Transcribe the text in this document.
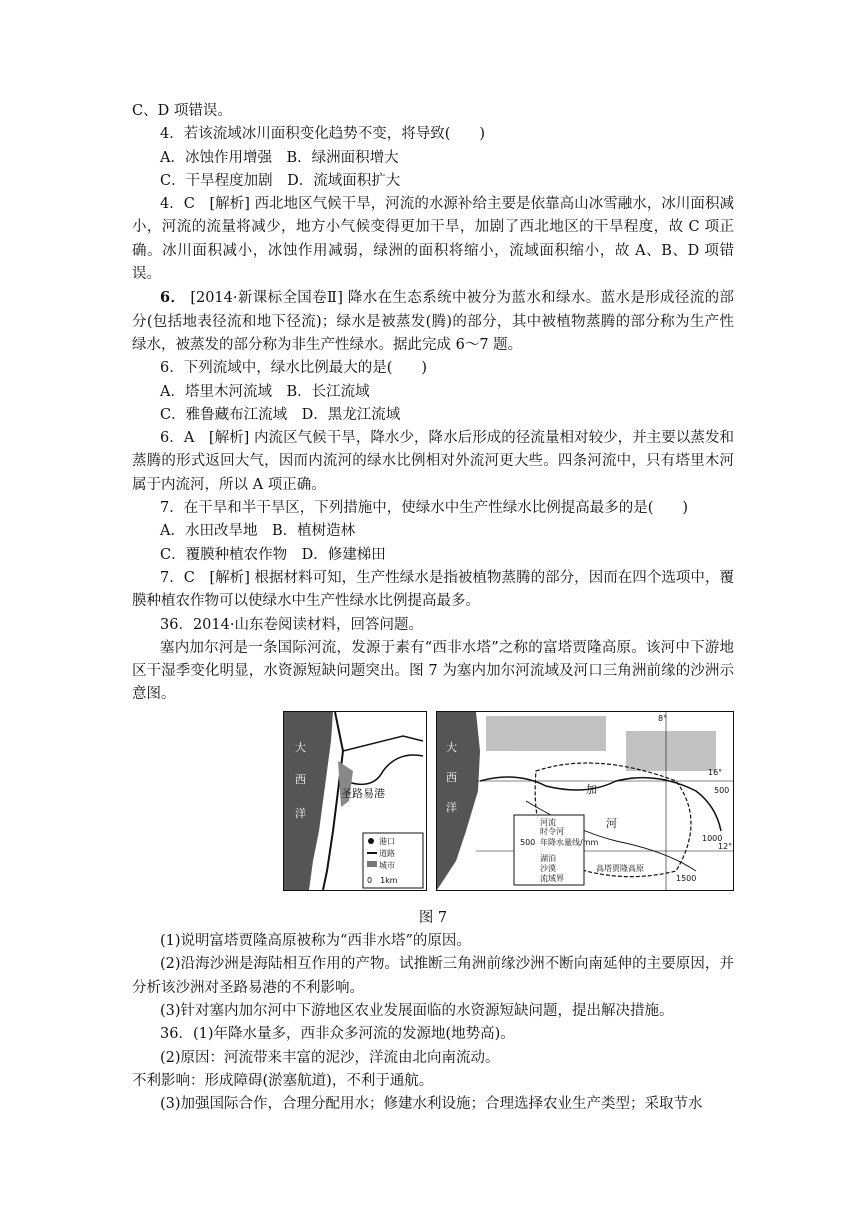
C、D 项错误。
4．若该流域冰川面积变化趋势不变，将导致(　　)
A．冰蚀作用增强　B．绿洲面积增大
C．干旱程度加剧　D．流域面积扩大
4．C　[解析] 西北地区气候干旱，河流的水源补给主要是依靠高山冰雪融水，冰川面积减小，河流的流量将减少，地方小气候变得更加干旱，加剧了西北地区的干旱程度，故 C 项正确。冰川面积减小，冰蚀作用减弱，绿洲的面积将缩小，流域面积缩小，故 A、B、D 项错误。
6． [2014·新课标全国卷Ⅱ] 降水在生态系统中被分为蓝水和绿水。蓝水是形成径流的部分(包括地表径流和地下径流)；绿水是被蒸发(腾)的部分，其中被植物蒸腾的部分称为生产性绿水，被蒸发的部分称为非生产性绿水。据此完成 6～7 题。
6．下列流域中，绿水比例最大的是(　　)
A．塔里木河流域　B．长江流域
C．雅鲁藏布江流域　D．黑龙江流域
6．A　[解析] 内流区气候干旱，降水少，降水后形成的径流量相对较少，并主要以蒸发和蒸腾的形式返回大气，因而内流河的绿水比例相对外流河更大些。四条河流中，只有塔里木河属于内流河，所以 A 项正确。
7．在干旱和半干旱区，下列措施中，使绿水中生产性绿水比例提高最多的是(　　)
A．水田改旱地　B．植树造林
C．覆膜种植农作物　D．修建梯田
7．C　[解析] 根据材料可知，生产性绿水是指被植物蒸腾的部分，因而在四个选项中，覆膜种植农作物可以使绿水中生产性绿水比例提高最多。
36．2014·山东卷阅读材料，回答问题。
塞内加尔河是一条国际河流，发源于素有“西非水塔”之称的富塔贾隆高原。该河中下游地区干湿季变化明显，水资源短缺问题突出。图 7 为塞内加尔河流域及河口三角洲前缘的沙洲示意图。
大
西
洋
圣路易港
港口
道路
城市
0　1km
大
西
洋
加
河
16°
12°
8°
500
1000
1500
高塔贾隆高原
河流
时令河
500 年降水量线/mm
湖泊
沙漠
流域界
图 7
(1)说明富塔贾隆高原被称为“西非水塔”的原因。
(2)沿海沙洲是海陆相互作用的产物。试推断三角洲前缘沙洲不断向南延伸的主要原因，并分析该沙洲对圣路易港的不利影响。
(3)针对塞内加尔河中下游地区农业发展面临的水资源短缺问题，提出解决措施。
36．(1)年降水量多，西非众多河流的发源地(地势高)。
(2)原因：河流带来丰富的泥沙，洋流由北向南流动。
不利影响：形成障碍(淤塞航道)，不利于通航。
(3)加强国际合作，合理分配用水；修建水利设施；合理选择农业生产类型；采取节水
